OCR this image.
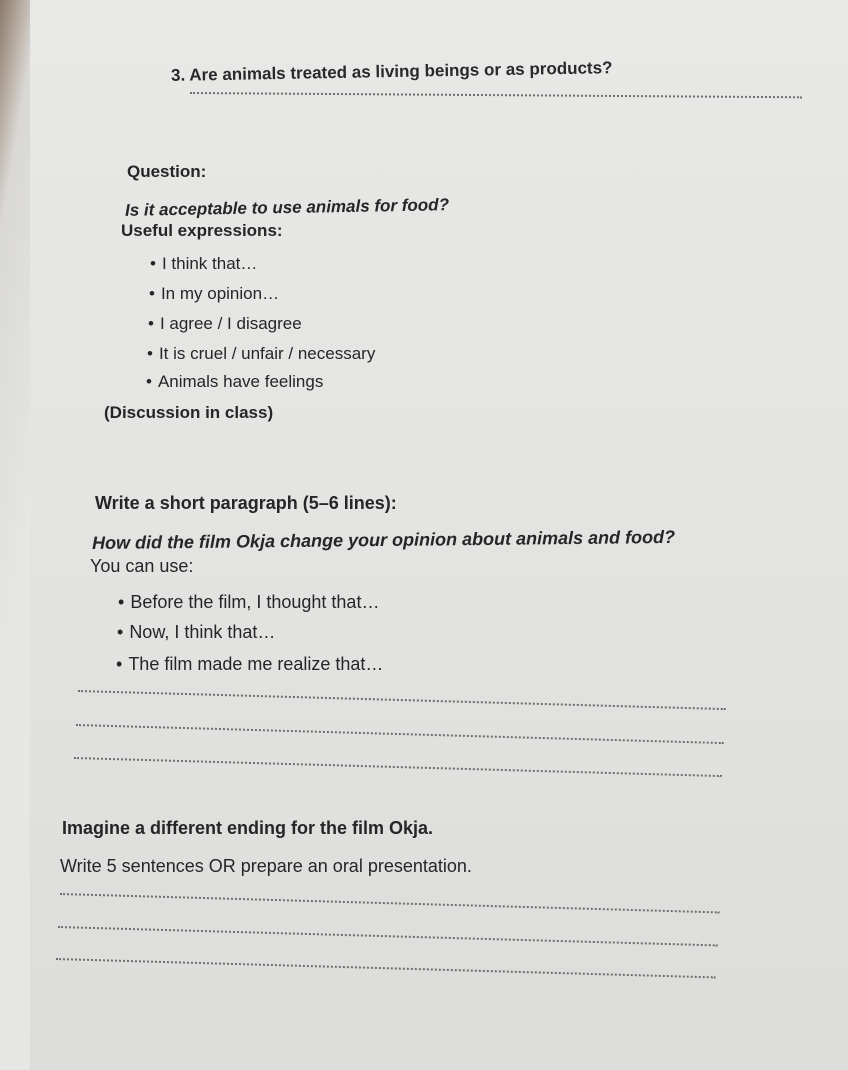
3. Are animals treated as living beings or as products?
Question:
Is it acceptable to use animals for food?
Useful expressions:
• I think that…
• In my opinion…
• I agree / I disagree
• It is cruel / unfair / necessary
• Animals have feelings
(Discussion in class)
Write a short paragraph (5–6 lines):
How did the film Okja change your opinion about animals and food?
You can use:
• Before the film, I thought that…
• Now, I think that…
• The film made me realize that…
Imagine a different ending for the film Okja.
Write 5 sentences OR prepare an oral presentation.
